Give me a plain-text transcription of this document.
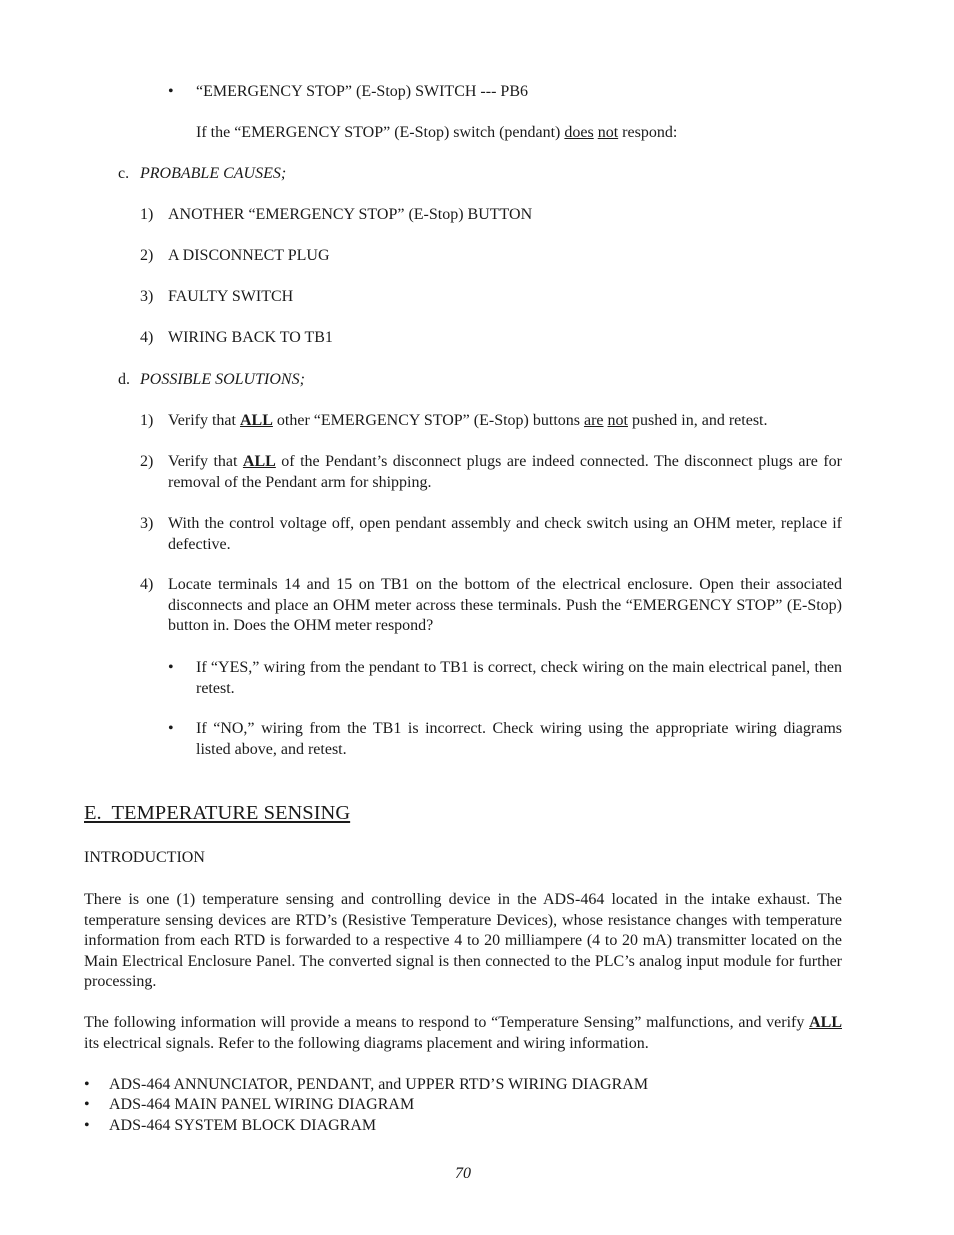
• “EMERGENCY STOP” (E-Stop) SWITCH --- PB6
If the “EMERGENCY STOP” (E-Stop) switch (pendant) does not respond:
c. PROBABLE CAUSES;
1) ANOTHER “EMERGENCY STOP” (E-Stop) BUTTON
2) A DISCONNECT PLUG
3) FAULTY SWITCH
4) WIRING BACK TO TB1
d. POSSIBLE SOLUTIONS;
1) Verify that ALL other “EMERGENCY STOP” (E-Stop) buttons are not pushed in, and retest.
2) Verify that ALL of the Pendant’s disconnect plugs are indeed connected. The disconnect plugs are for removal of the Pendant arm for shipping.
3) With the control voltage off, open pendant assembly and check switch using an OHM meter, replace if defective.
4) Locate terminals 14 and 15 on TB1 on the bottom of the electrical enclosure. Open their associated disconnects and place an OHM meter across these terminals. Push the “EMERGENCY STOP” (E-Stop) button in. Does the OHM meter respond?
• If “YES,” wiring from the pendant to TB1 is correct, check wiring on the main electrical panel, then retest.
• If “NO,” wiring from the TB1 is incorrect. Check wiring using the appropriate wiring diagrams listed above, and retest.
E.  TEMPERATURE SENSING
INTRODUCTION
There is one (1) temperature sensing and controlling device in the ADS-464 located in the intake exhaust. The temperature sensing devices are RTD’s (Resistive Temperature Devices), whose resistance changes with temperature information from each RTD is forwarded to a respective 4 to 20 milliampere (4 to 20 mA) transmitter located on the Main Electrical Enclosure Panel. The converted signal is then connected to the PLC’s analog input module for further processing.
The following information will provide a means to respond to “Temperature Sensing” malfunctions, and verify ALL its electrical signals. Refer to the following diagrams placement and wiring information.
• ADS-464 ANNUNCIATOR, PENDANT, and UPPER RTD’S WIRING DIAGRAM
• ADS-464 MAIN PANEL WIRING DIAGRAM
• ADS-464 SYSTEM BLOCK DIAGRAM
70
